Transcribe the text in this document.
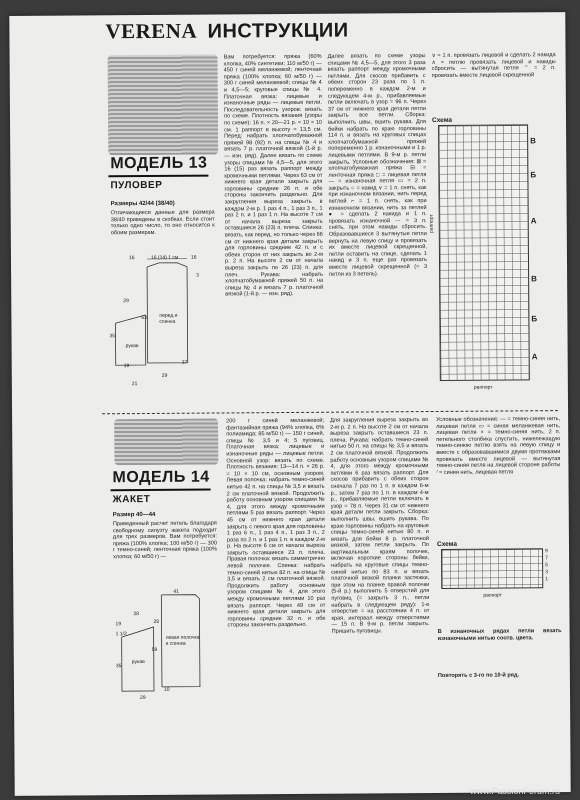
VERENA ИНСТРУКЦИИ
МОДЕЛЬ 13
ПУЛОВЕР
Размеры 42/44 (38/40)
Отличающиеся данные для размера 38/40 приведены в скобках. Если стоит только одно число, то оно относится к обоим размерам.
перед и спинка
рукав
16	16 (14) 1 см	16
3
29
63
35
19
29
37
21
Вам потребуется: пряжа (60% хлопка, 40% синтетики; 110 м/50 г) — 450 г синей меланжевой; ленточная пряжа (100% хлопка; 60 м/50 г) — 300 г синей меланжевой; спицы № 4 и 4,5—5; круговые спицы № 4. Платочная вязка: лицевые и изнаночные ряды — лицевые петли. Последовательность узоров: вязать по схеме. Плотность вязания (узоры по схеме): 16 п. × 20—21 р. = 10 × 10 см. 1 раппорт в высоту = 13,5 см. Перед: набрать хлопчатобумажной пряжей 98 (92) п. на спицы № 4 и вязать 7 р. платочной вязкой (1-й р. — изн. ряд). Далее вязать по схеме узоры спицами № 4,5—5, для этого 16 (15) раз вязать раппорт между кромочными петлями. Через 63 см от нижнего края детали закрыть для горловины средние 26 п. и обе стороны закончить раздельно. Для закругления выреза закрыть в каждом 2-м р. 1 раз 4 п., 1 раз 3 п., 1 раз 2 п. и 1 раз 1 п. На высоте 7 см от начала выреза закрыть оставшиеся 26 (23) п. плеча. Спинка: вязать, как перед, но только через 66 см от нижнего края детали закрыть для горловины средние 42 п. и с обеих сторон от них закрыть во 2-м р. 2 п. На высоте 2 см от начала выреза закрыть по 26 (23) п. для плеч. Рукава: набрать хлопчатобумажной пряжей 50 п. на спицы № 4 и вязать 7 р. платочной вязкой (1-й р. — изн. ряд).
Далее вязать по схеме узоры спицами № 4,5—5, для этого 3 раза вязать раппорт между кромочными петлями. Для скосов прибавить с обеих сторон 23 раза по 1 п. попеременно в каждом 2-м и следующем 4-м р., прибавляемые петли включать в узор = 96 п. Через 37 см от нижнего края детали петли закрыть все петли. Сборка: выполнить швы, вшить рукава. Для бейки набрать по краю горловины 114 п. и вязать на круговых спицах хлопчатобумажной пряжей попеременно 1 р. изнаночными и 1 р. лицевыми петлями. В 9-м р. петли закрыть. Условные обозначения: ⊠ = хлопчатобумажная пряжа ⊟ = ленточная пряжа □ = лицевая петля — = изнаночная петля ▭ = 2 п. закрыть ○ = накид ∨ = 1 п. снять, как при изнаночном вязании, нить перед петлей ⌐ = 1 п. снять, как при изнаночном вязании, нить за петлей ● = сделать 2 накида и 1 п. провязать изнаночной ⋯ = 3 п. снять, при этом накиды сбросить. Образовавшиеся 3 вытянутые петли вернуть на левую спицу и провязать их вместе лицевой скрещенной, петли оставить на спице, сделать 1 накид и 3 п. еще раз провязать вместе лицевой скрещенной (= 3 петли из 3 петель).
∨ = 1 п. провязать лицевой и сделать 2 накида ∧ = петлю провязать лицевой и накиды сбросить — вытянутая петля ⌃ = 2 п. провязать вместе лицевой скрещенной
Схема
В
Б
А
В
Б
А
раппорт
раппорт
МОДЕЛЬ 14
ЖАКЕТ
Размер 40—44
Приведенный расчет петель благодаря свободному силуэту жакета подходит для трех размеров. Вам потребуется: пряжа (100% хлопка; 100 м/50 г) — 300 г темно-синей; ленточная пряжа (100% хлопка; 60 м/50 г) —
левая полочка и спинка
рукав
28
41
19	28
1 1/2
59
35
10
29
200 г синей меланжевой; фантазийная пряжа (94% хлопка, 6% полиамида; 85 м/50 г) — 150 г синей, спицы № 3,5 и 4; 5 пуговиц. Платочная вязка: лицевые и изнаночные ряды — лицевые петли. Основной узор: вязать по схеме. Плотность вязания: 13—14 п. × 26 р. = 10 × 10 см, основным узором. Левая полочка: набрать темно-синей нитью 42 п. на спицы № 3,5 и вязать 2 см платочной вязкой. Продолжить работу основным узором спицами № 4, для этого между кромочными петлями 5 раз вязать раппорт. Через 45 см от нижнего края детали закрыть с левого края для горловины 1 раз 6 п., 1 раз 4 п., 1 раз 3 п., 2 раза по 2 п. и 1 раз 1 п. в каждом 2-м р. На высоте 6 см от начала выреза закрыть оставшиеся 23 п. плеча. Правая полочка: вязать симметрично левой полочке. Спинка: набрать темно-синей нитью 82 п. на спицы № 3,5 и вязать 2 см платочной вязкой. Продолжить работу основным узором спицами № 4, для этого между кромочными петлями 10 раз вязать раппорт. Через 49 см от нижнего края детали закрыть для горловины средние 32 п. и обе стороны закончить раздельно.
Для закругления выреза закрыть во 2-м р. 2 п. На высоте 2 см от начала выреза закрыть оставшиеся 23 п. плеча. Рукава: набрать темно-синей нитью 50 п. на спицы № 3,5 и вязать 2 см платочной вязкой. Продолжить работу основным узором спицами № 4, для этого между кромочными петлями 6 раз вязать раппорт. Для скосов прибавить с обеих сторон сначала 7 раз по 1 п. в каждом 6-м р., затем 7 раз по 1 п. в каждом 4-м р., прибавляемые петли включать в узор = 78 п. Через 31 см от нижнего края детали петли закрыть. Сборка: выполнить швы, вшить рукава. По краю горловины набрать на круговые спицы темно-синей нитью 80 п. и вязать для бейки 8 р. платочной вязкой, затем петли закрыть. По вертикальным краям полочек, включая короткие стороны бейки, набрать на круговые спицы темно-синей нитью по 83 п. и вязать платочной вязкой планки застежки, при этом на планке правой полочки (5-й р.) выполнить 5 отверстий для пуговиц (= закрыть 3 п., петли набрать в следующем ряду): 1-е отверстие = на расстоянии 4 п. от края, интервал между отверстиями — 15 п. В 9-м р. петли закрыть. Пришить пуговицы.
Условные обозначения: — = темно-синяя нить, лицевая петля ▭ = синяя меланжевая нить, лицевая петля × = темно-синяя нить, 2 п. петельного столбика спустить, нижележащую темно-синюю петлю взять на левую спицу и вместе с образовавшимися двумя протяжками провязать вместе лицевой — вытянутая темно-синяя петля на лицевой стороне работы ⁄ = синяя нить, лицевая петля
Схема
9
7
5
3
1
раппорт
В изнаночных рядах петли вязать изнаночными нитью соотв. цвета.
Повторять с 3-го по 10-й ряд.
www.PassionForum.ru
